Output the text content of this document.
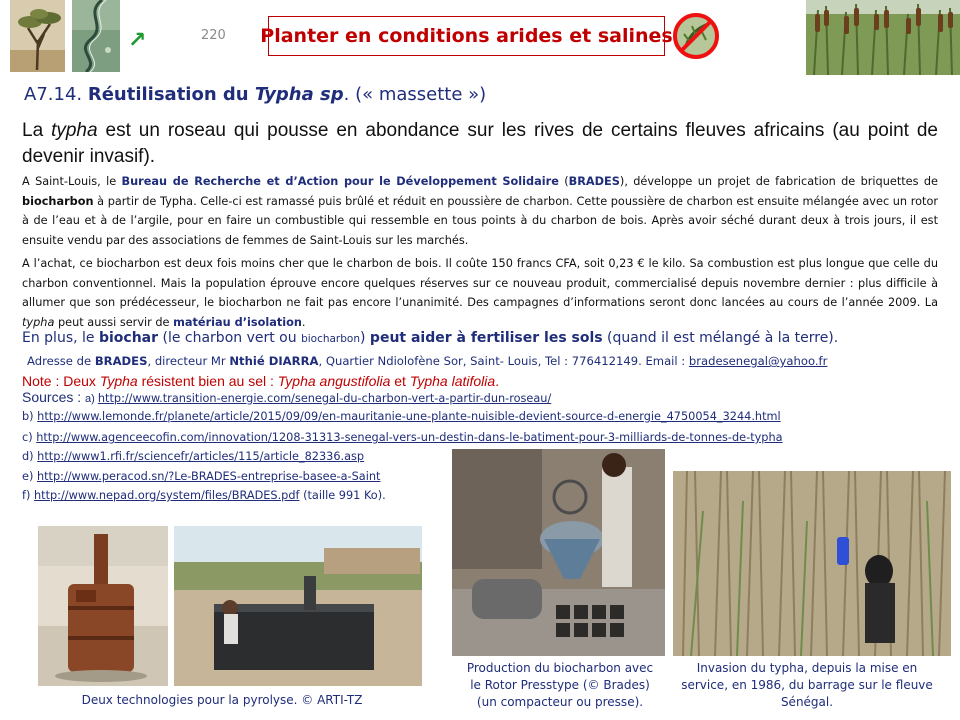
↗	220 Planter en conditions arides et salines
A7.14. Réutilisation du Typha sp. (« massette »)
La typha est un roseau qui pousse en abondance sur les rives de certains fleuves africains (au point de devenir invasif).
A Saint-Louis, le Bureau de Recherche et d’Action pour le Développement Solidaire (BRADES), développe un projet de fabrication de briquettes de biocharbon à partir de Typha. Celle-ci est ramassé puis brûlé et réduit en poussière de charbon. Cette poussière de charbon est ensuite mélangée avec un rotor à de l’eau et à de l’argile, pour en faire un combustible qui ressemble en tous points à du charbon de bois. Après avoir séché durant deux à trois jours, il est ensuite vendu par des associations de femmes de Saint-Louis sur les marchés.
A l’achat, ce biocharbon est deux fois moins cher que le charbon de bois. Il coûte 150 francs CFA, soit 0,23 € le kilo. Sa combustion est plus longue que celle du charbon conventionnel. Mais la population éprouve encore quelques réserves sur ce nouveau produit, commercialisé depuis novembre dernier : plus difficile à allumer que son prédécesseur, le biocharbon ne fait pas encore l’unanimité. Des campagnes d’informations seront donc lancées au cours de l’année 2009. La typha peut aussi servir de matériau d’isolation.
En plus, le biochar (le charbon vert ou biocharbon) peut aider à fertiliser les sols (quand il est mélangé à la terre).
Adresse de BRADES, directeur Mr Nthié DIARRA, Quartier Ndiolofène Sor, Saint- Louis, Tel : 776412149. Email : bradesenegal@yahoo.fr
Note : Deux Typha résistent bien au sel : Typha angustifolia et Typha latifolia.
Sources : a) http://www.transition-energie.com/senegal-du-charbon-vert-a-partir-dun-roseau/
b) http://www.lemonde.fr/planete/article/2015/09/09/en-mauritanie-une-plante-nuisible-devient-source-d-energie_4750054_3244.html
c) http://www.agenceecofin.com/innovation/1208-31313-senegal-vers-un-destin-dans-le-batiment-pour-3-milliards-de-tonnes-de-typha
d) http://www1.rfi.fr/sciencefr/articles/115/article_82336.asp
e) http://www.peracod.sn/?Le-BRADES-entreprise-basee-a-Saint
f) http://www.nepad.org/system/files/BRADES.pdf (taille 991 Ko).
Deux technologies pour la pyrolyse. © ARTI-TZ
Production du biocharbon avec
le Rotor Presstype (© Brades)
(un compacteur ou presse).
Invasion du typha, depuis la mise en
service, en 1986, du barrage sur le fleuve
Sénégal.
